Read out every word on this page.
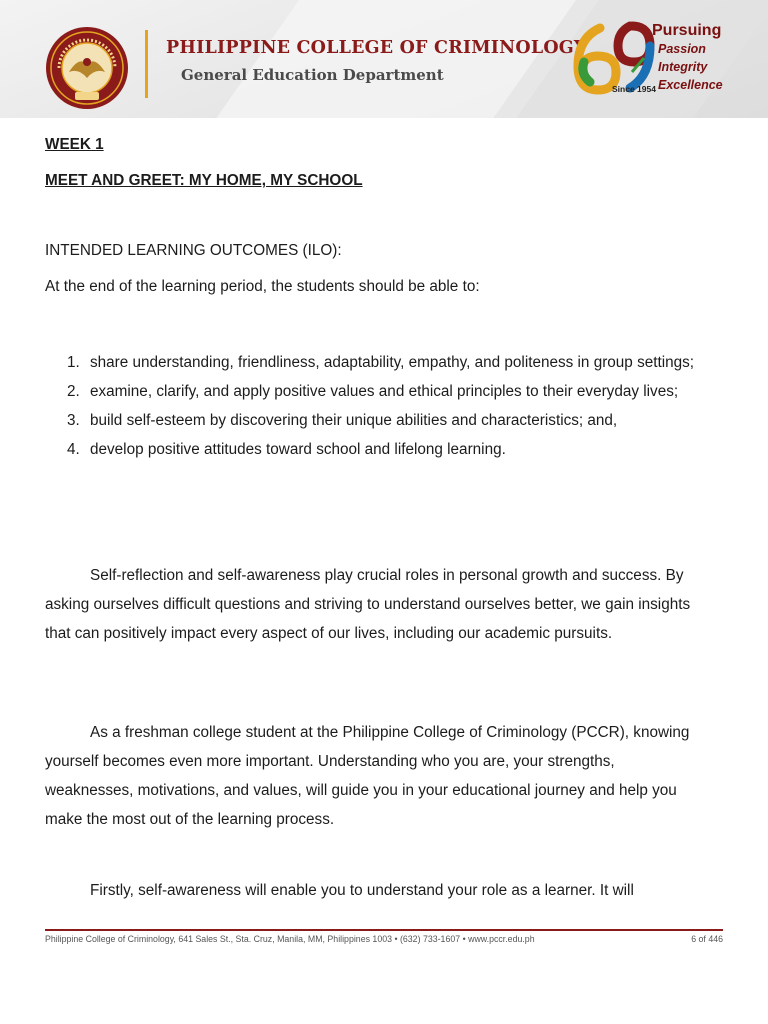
PHILIPPINE COLLEGE OF CRIMINOLOGY
General Education Department
Since 1954
Pursuing
Passion
Integrity
Excellence

WEEK 1

MEET AND GREET: MY HOME, MY SCHOOL

INTENDED LEARNING OUTCOMES (ILO):

At the end of the learning period, the students should be able to:

1. share understanding, friendliness, adaptability, empathy, and politeness in group settings;
2. examine, clarify, and apply positive values and ethical principles to their everyday lives;
3. build self-esteem by discovering their unique abilities and characteristics; and,
4. develop positive attitudes toward school and lifelong learning.

Self-reflection and self-awareness play crucial roles in personal growth and success. By asking ourselves difficult questions and striving to understand ourselves better, we gain insights that can positively impact every aspect of our lives, including our academic pursuits.

As a freshman college student at the Philippine College of Criminology (PCCR), knowing yourself becomes even more important. Understanding who you are, your strengths, weaknesses, motivations, and values, will guide you in your educational journey and help you make the most out of the learning process.

Firstly, self-awareness will enable you to understand your role as a learner. It will

Philippine College of Criminology, 641 Sales St., Sta. Cruz, Manila, MM, Philippines 1003 • (632) 733-1607 • www.pccr.edu.ph	6 of 446
